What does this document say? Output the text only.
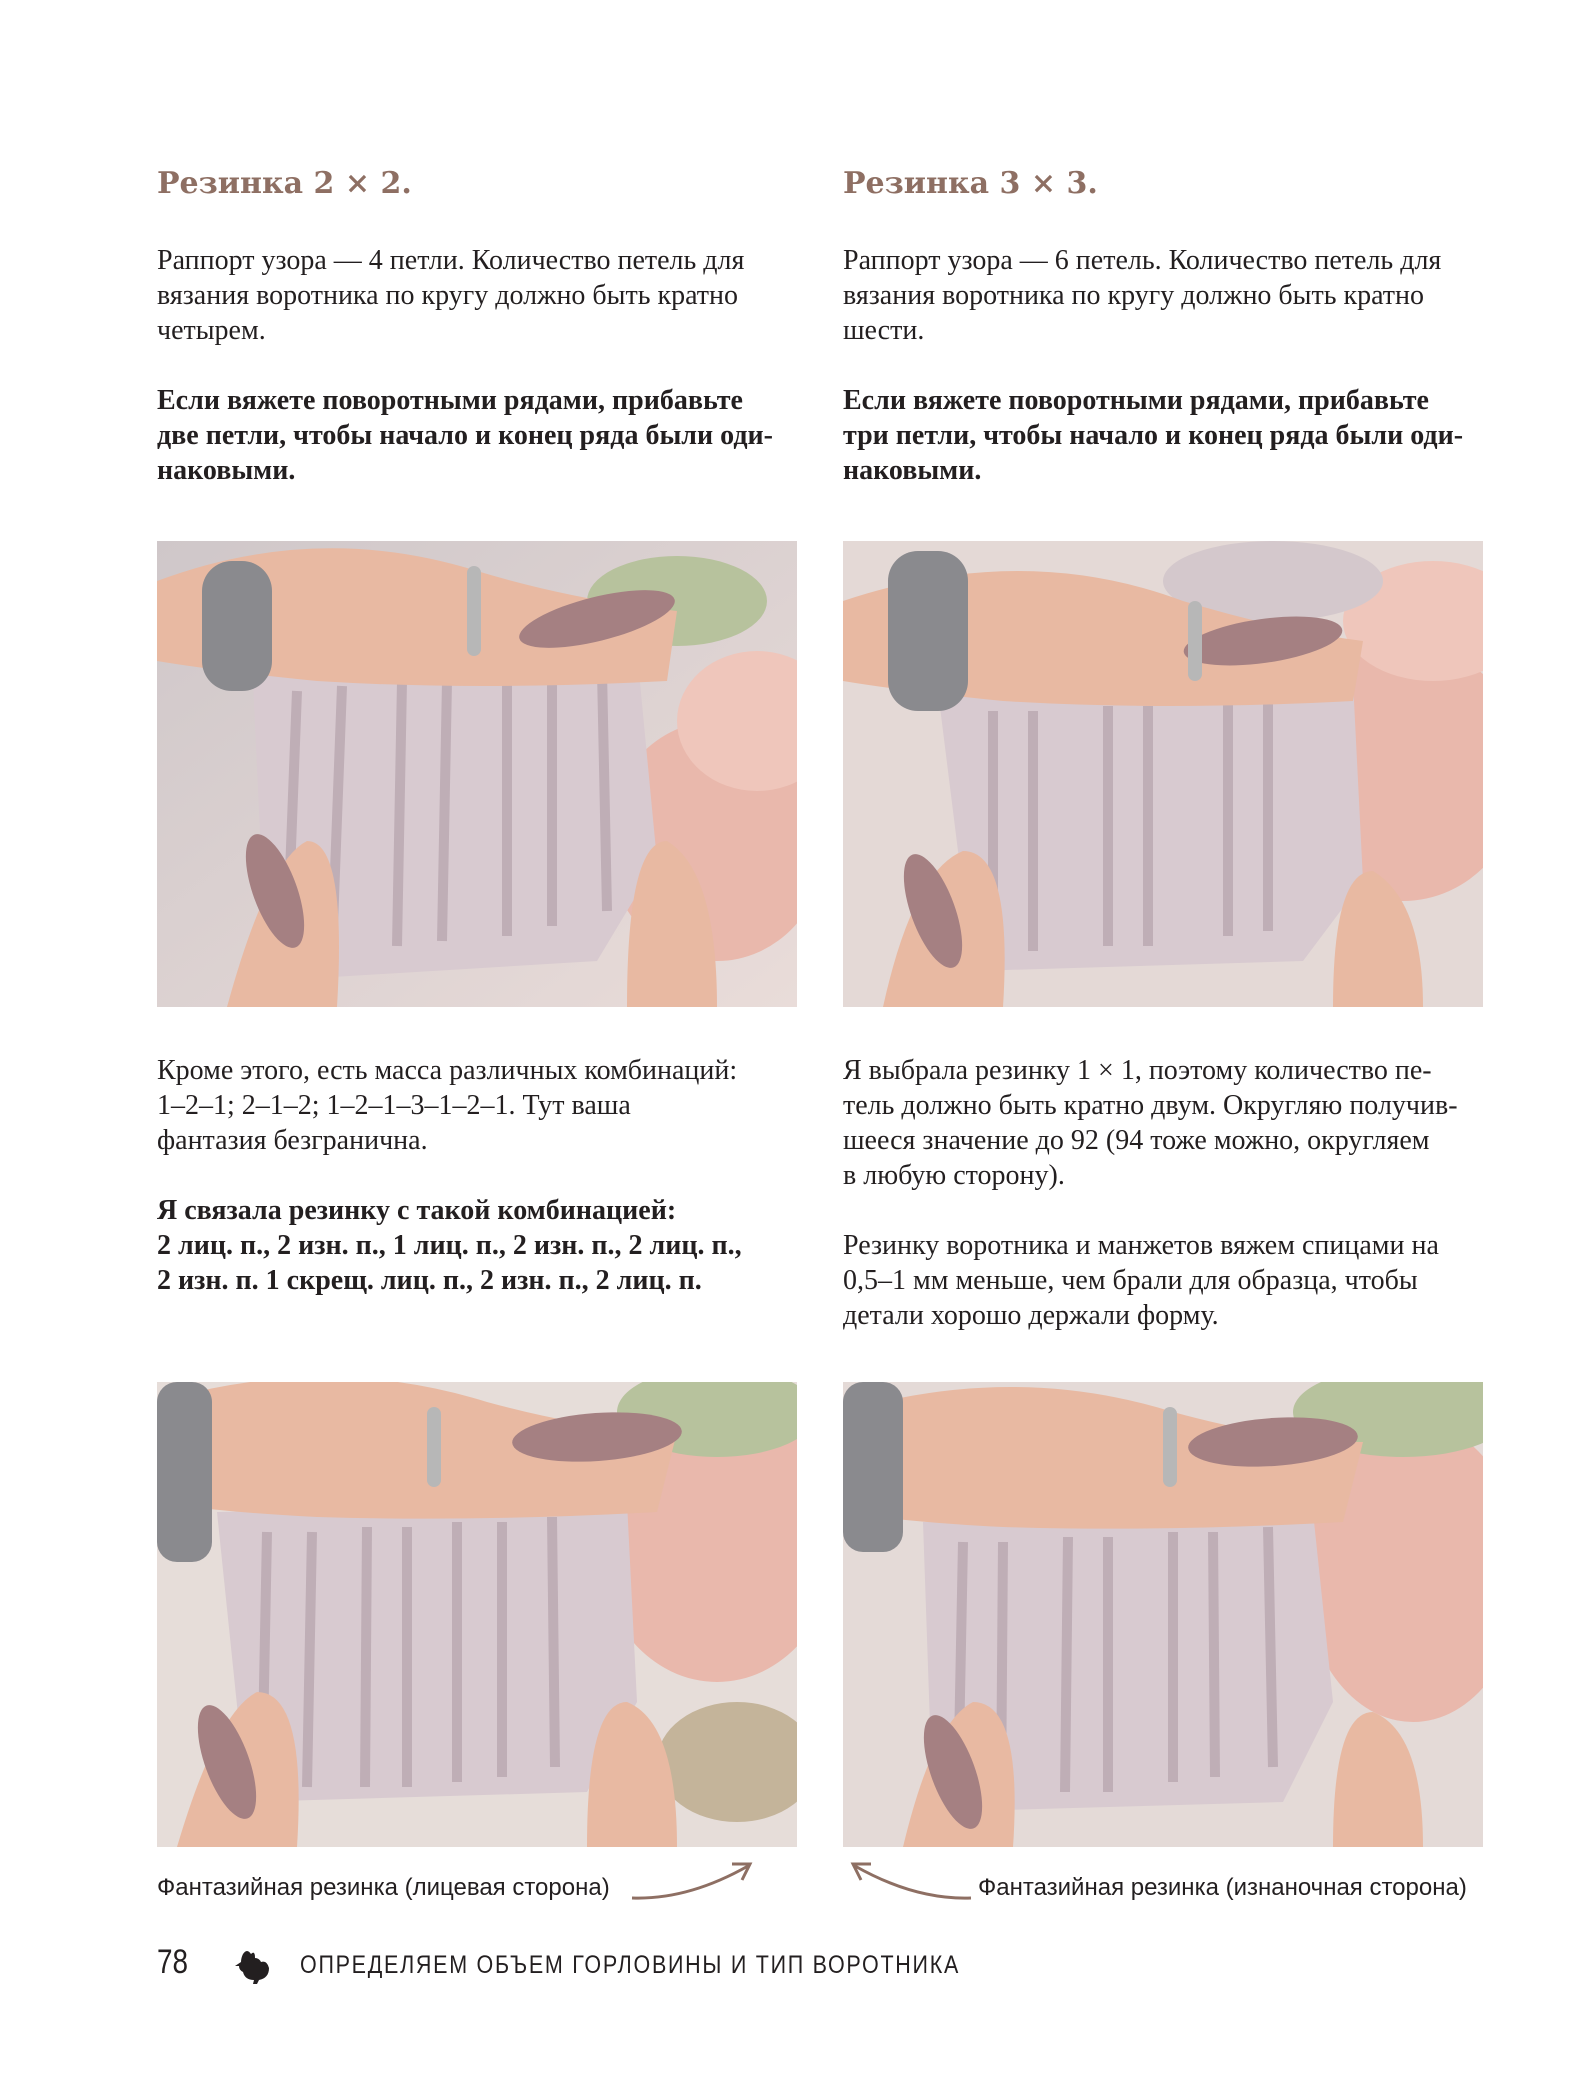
Резинка 2 × 2.
Раппорт узора — 4 петли. Количество петель для
вязания воротника по кругу должно быть кратно
четырем.
Если вяжете поворотными рядами, прибавьте
две петли, чтобы начало и конец ряда были оди-
наковыми.
Резинка 3 × 3.
Раппорт узора — 6 петель. Количество петель для
вязания воротника по кругу должно быть кратно
шести.
Если вяжете поворотными рядами, прибавьте
три петли, чтобы начало и конец ряда были оди-
наковыми.
Кроме этого, есть масса различных комбинаций:
1–2–1; 2–1–2; 1–2–1–3–1–2–1. Тут ваша
фантазия безгранична.
Я связала резинку с такой комбинацией:
2 лиц. п., 2 изн. п., 1 лиц. п., 2 изн. п., 2 лиц. п.,
2 изн. п. 1 скрещ. лиц. п., 2 изн. п., 2 лиц. п.
Я выбрала резинку 1 × 1, поэтому количество пе-
тель должно быть кратно двум. Округляю получив-
шееся значение до 92 (94 тоже можно, округляем
в любую сторону).
Резинку воротника и манжетов вяжем спицами на
0,5–1 мм меньше, чем брали для образца, чтобы
детали хорошо держали форму.
Фантазийная резинка (лицевая сторона)	Фантазийная резинка (изнаночная сторона)
78	ОПРЕДЕЛЯЕМ ОБЪЕМ ГОРЛОВИНЫ И ТИП ВОРОТНИКА
